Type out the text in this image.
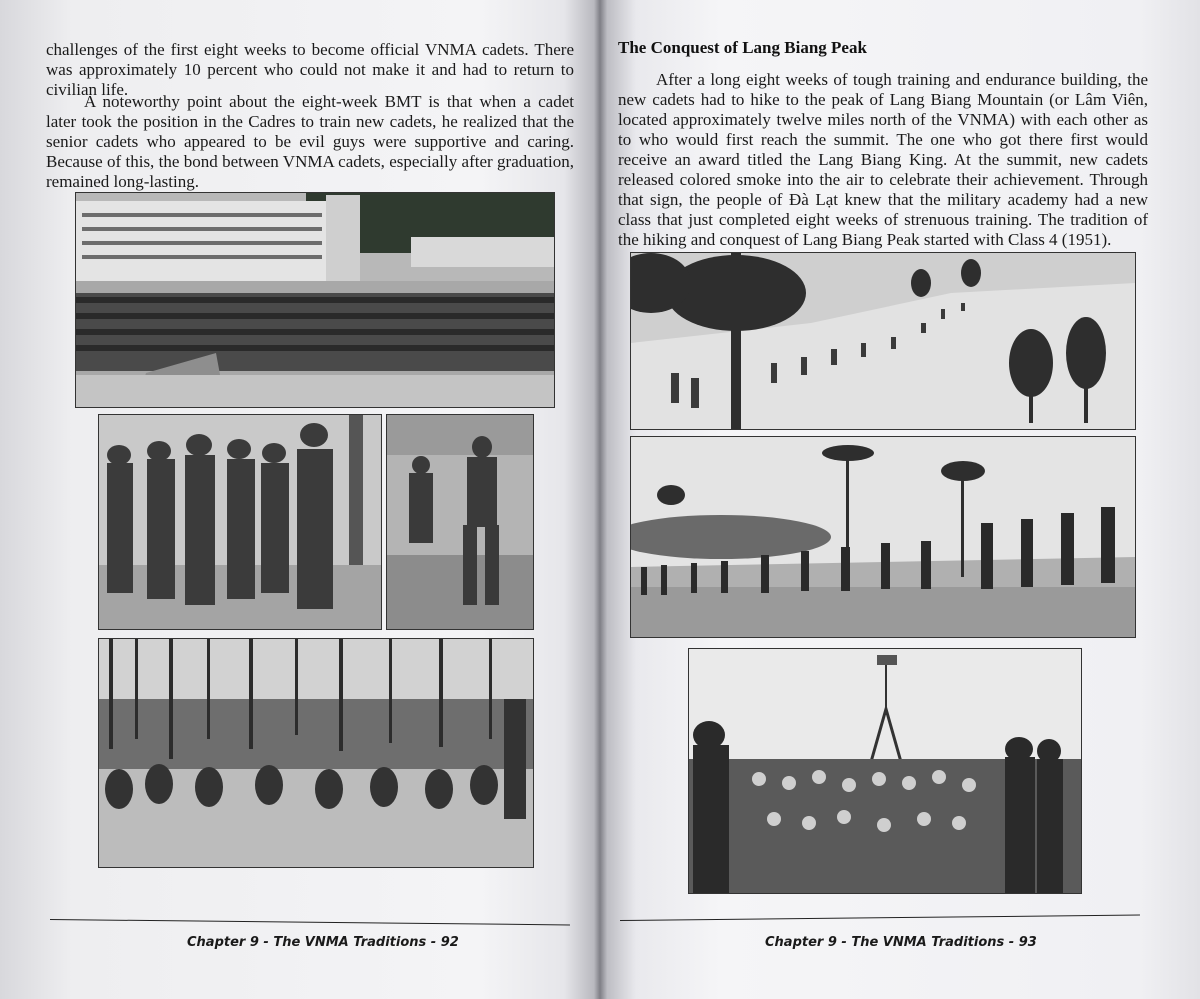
challenges of the first eight weeks to become official VNMA cadets. There was approximately 10 percent who could not make it and had to return to civilian life.

A noteworthy point about the eight-week BMT is that when a cadet later took the position in the Cadres to train new cadets, he realized that the senior cadets who appeared to be evil guys were supportive and caring. Because of this, the bond between VNMA cadets, especially after graduation, remained long-lasting.

Chapter 9 - The VNMA Traditions - 92
The Conquest of Lang Biang Peak

After a long eight weeks of tough training and endurance building, the new cadets had to hike to the peak of Lang Biang Mountain (or Lâm Viên, located approximately twelve miles north of the VNMA) with each other as to who would first reach the summit. The one who got there first would receive an award titled the Lang Biang King. At the summit, new cadets released colored smoke into the air to celebrate their achievement. Through that sign, the people of Đà Lạt knew that the military academy had a new class that just completed eight weeks of strenuous training. The tradition of the hiking and conquest of Lang Biang Peak started with Class 4 (1951).

Chapter 9 - The VNMA Traditions - 93
